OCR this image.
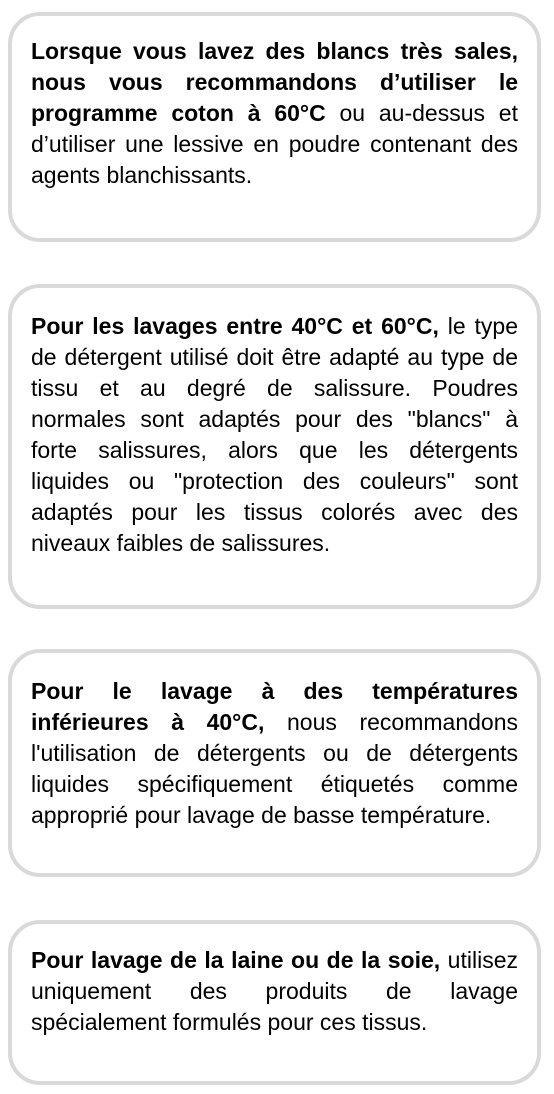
Lorsque vous lavez des blancs très sales, nous vous recommandons d’utiliser le programme coton à 60°C ou au-dessus et d’utiliser une lessive en poudre contenant des agents blanchissants.

Pour les lavages entre 40°C et 60°C, le type de détergent utilisé doit être adapté au type de tissu et au degré de salissure. Poudres normales sont adaptés pour des "blancs" à forte salissures, alors que les détergents liquides ou "protection des couleurs" sont adaptés pour les tissus colorés avec des niveaux faibles de salissures.

Pour le lavage à des températures inférieures à 40°C, nous recommandons l'utilisation de détergents ou de détergents liquides spécifiquement étiquetés comme approprié pour lavage de basse température.

Pour lavage de la laine ou de la soie, utilisez uniquement des produits de lavage spécialement formulés pour ces tissus.
